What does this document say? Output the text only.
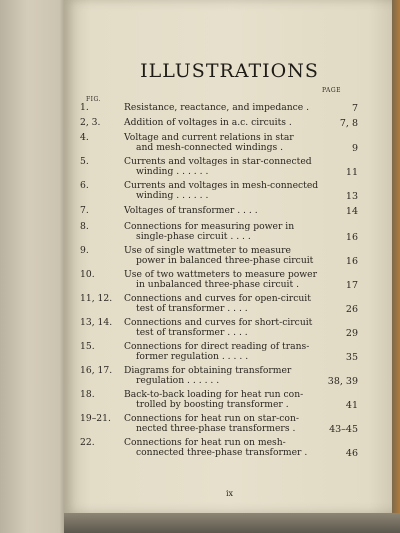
ILLUSTRATIONS
FIG.
PAGE
1.	Resistance, reactance, and impedance .	7
2, 3.	Addition of voltages in a.c. circuits .	7, 8
4.	Voltage and current relations in star
and mesh-connected windings .	9
5.	Currents and voltages in star-connected
winding . . . . . .	11
6.	Currents and voltages in mesh-connected
winding . . . . . .	13
7.	Voltages of transformer . . . .	14
8.	Connections for measuring power in
single-phase circuit . . . .	16
9.	Use of single wattmeter to measure
power in balanced three-phase circuit	16
10.	Use of two wattmeters to measure power
in unbalanced three-phase circuit .	17
11, 12.	Connections and curves for open-circuit
test of transformer . . . .	26
13, 14.	Connections and curves for short-circuit
test of transformer . . . .	29
15.	Connections for direct reading of trans-
former regulation . . . . .	35
16, 17.	Diagrams for obtaining transformer
regulation . . . . . .	38, 39
18.	Back-to-back loading for heat run con-
trolled by boosting transformer .	41
19–21.	Connections for heat run on star-con-
nected three-phase transformers .	43–45
22.	Connections for heat run on mesh-
connected three-phase transformer .	46
ix
